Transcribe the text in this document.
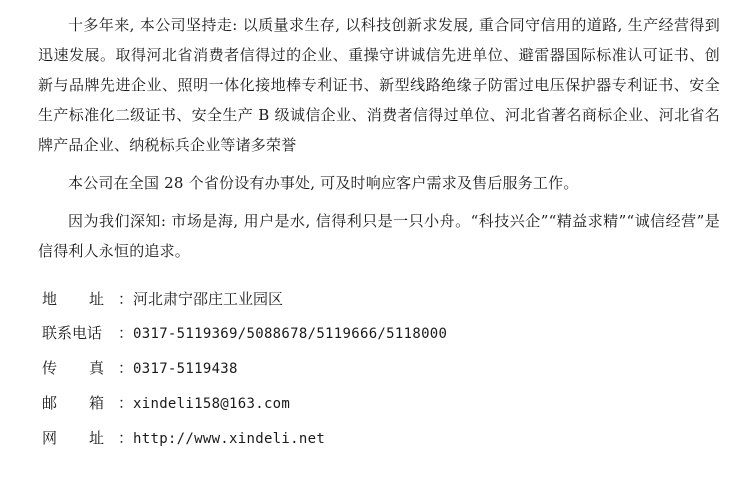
十多年来, 本公司坚持走: 以质量求生存, 以科技创新求发展, 重合同守信用的道路, 生产经营得到迅速发展。取得河北省消费者信得过的企业、重操守讲诚信先进单位、避雷器国际标准认可证书、创新与品牌先进企业、照明一体化接地棒专利证书、新型线路绝缘子防雷过电压保护器专利证书、安全生产标准化二级证书、安全生产 B 级诚信企业、消费者信得过单位、河北省著名商标企业、河北省名牌产品企业、纳税标兵企业等诸多荣誉

本公司在全国 28 个省份设有办事处, 可及时响应客户需求及售后服务工作。

因为我们深知: 市场是海, 用户是水, 信得利只是一只小舟。“科技兴企”“精益求精”“诚信经营”是信得利人永恒的追求。

地 址 ： 河北肃宁邵庄工业园区
联系电话	： 0317-5119369/5088678/5119666/5118000
传 真 ： 0317-5119438
邮 箱 ： xindeli158@163.com
网 址 ： http://www.xindeli.net
